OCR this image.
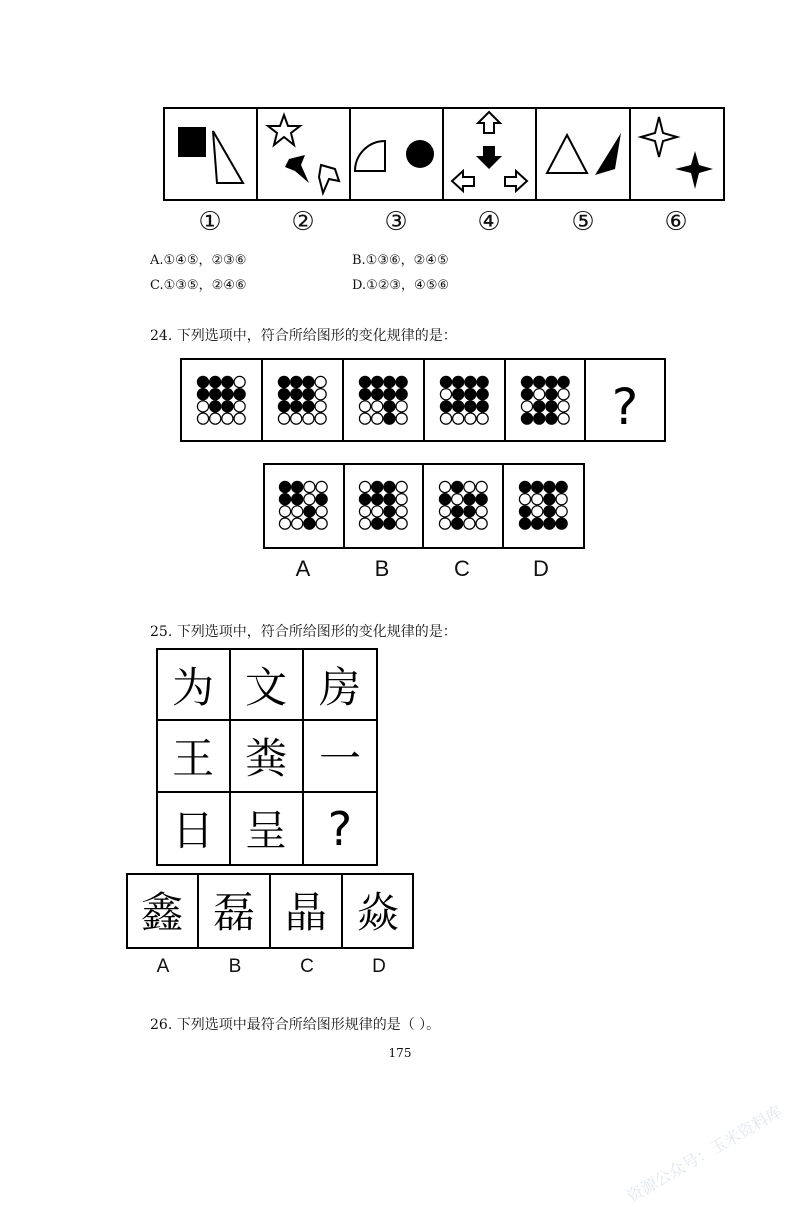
①	②	③	④	⑤	⑥
A.①④⑤，②③⑥	B.①③⑥，②④⑤
C.①③⑤，②④⑥	D.①②③，④⑤⑥
24. 下列选项中，符合所给图形的变化规律的是：
?
A	B	C	D
25. 下列选项中，符合所给图形的变化规律的是：
为 文 房
王 粪 一
日 呈 ?
鑫 磊 晶 焱
A	B	C	D
26. 下列选项中最符合所给图形规律的是（ ）。
175
资源公众号：玉米资料库
